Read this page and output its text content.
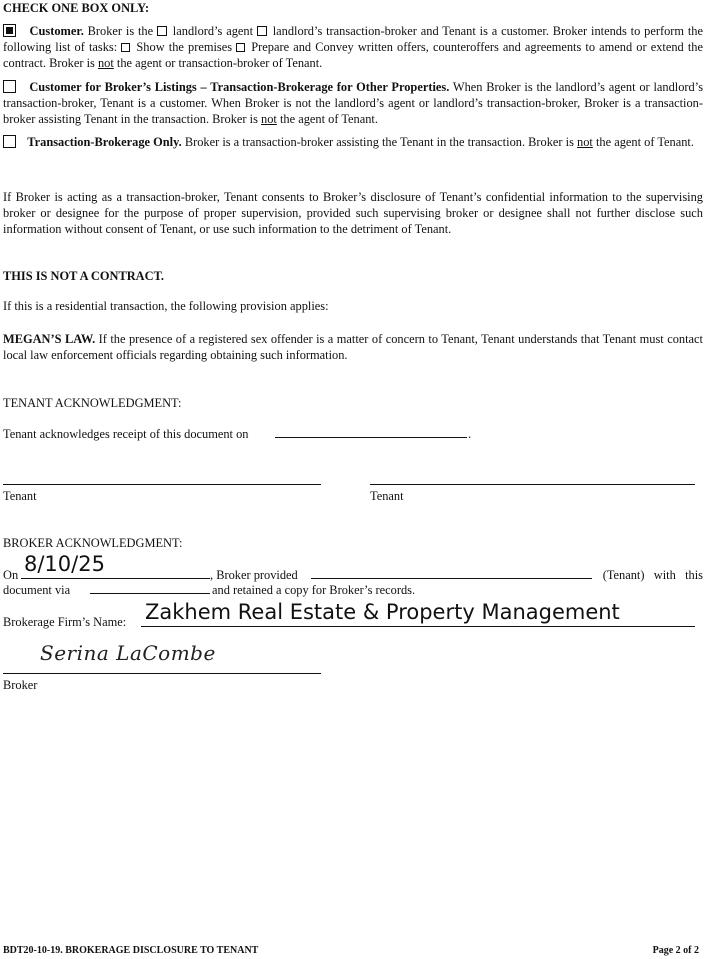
CHECK ONE BOX ONLY:
Customer. Broker is the  landlord’s agent  landlord’s transaction-broker and Tenant is a customer. Broker intends to perform the following list of tasks:  Show the premises  Prepare and Convey written offers, counteroffers and agreements to amend or extend the contract. Broker is not the agent or transaction-broker of Tenant.
Customer for Broker’s Listings – Transaction-Brokerage for Other Properties. When Broker is the landlord’s agent or landlord’s transaction-broker, Tenant is a customer. When Broker is not the landlord’s agent or landlord’s transaction-broker, Broker is a transaction-broker assisting Tenant in the transaction. Broker is not the agent of Tenant.
Transaction-Brokerage Only. Broker is a transaction-broker assisting the Tenant in the transaction. Broker is not the agent of Tenant.
If Broker is acting as a transaction-broker, Tenant consents to Broker’s disclosure of Tenant’s confidential information to the supervising broker or designee for the purpose of proper supervision, provided such supervising broker or designee shall not further disclose such information without consent of Tenant, or use such information to the detriment of Tenant.
THIS IS NOT A CONTRACT.
If this is a residential transaction, the following provision applies:
MEGAN’S LAW. If the presence of a registered sex offender is a matter of concern to Tenant, Tenant understands that Tenant must contact local law enforcement officials regarding obtaining such information.
TENANT ACKNOWLEDGMENT:
Tenant acknowledges receipt of this document on	.
Tenant	Tenant
BROKER ACKNOWLEDGMENT:
On 8/10/25	, Broker provided	(Tenant)   with   this
document via	and retained a copy for Broker’s records.
Brokerage Firm’s Name: Zakhem Real Estate & Property Management
Serina LaCombe
Broker
BDT20-10-19. BROKERAGE DISCLOSURE TO TENANT	Page 2 of 2
